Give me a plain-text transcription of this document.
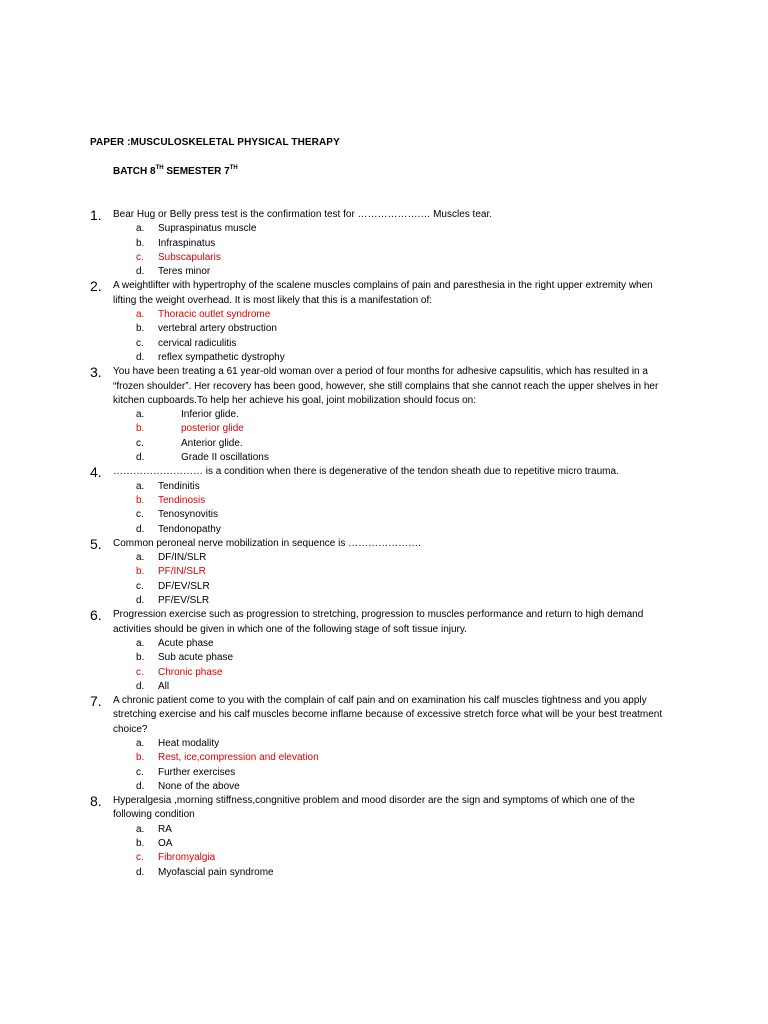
PAPER :MUSCULOSKELETAL PHYSICAL THERAPY
BATCH 8TH SEMESTER 7TH
1. Bear Hug or Belly press test is the confirmation test for ……………….… Muscles tear.
a. Supraspinatus muscle
b. Infraspinatus
c. Subscapularis
d. Teres minor
2. A weightlifter with hypertrophy of the scalene muscles complains of pain and paresthesia in the right upper extremity when lifting the weight overhead. It is most likely that this is a manifestation of:
a. Thoracic outlet syndrome
b. vertebral artery obstruction
c. cervical radiculitis
d. reflex sympathetic dystrophy
3. You have been treating a 61 year-old woman over a period of four months for adhesive capsulitis, which has resulted in a “frozen shoulder”. Her recovery has been good, however, she still complains that she cannot reach the upper shelves in her kitchen cupboards.To help her achieve his goal, joint mobilization should focus on:
a.	Inferior glide.
b.	posterior glide
c.	Anterior glide.
d.	Grade II oscillations
4. ……………………… is a condition when there is degenerative of the tendon sheath due to repetitive micro trauma.
a. Tendinitis
b. Tendinosis
c. Tenosynovitis
d. Tendonopathy
5. Common peroneal nerve mobilization in sequence is ………………….
a. DF/IN/SLR
b. PF/IN/SLR
c. DF/EV/SLR
d. PF/EV/SLR
6. Progression exercise such as progression to stretching, progression to muscles performance and return to high demand activities should be given in which one of the following stage of soft tissue injury.
a. Acute phase
b. Sub acute phase
c. Chronic phase
d. All
7. A chronic patient come to you with the complain of calf pain and on examination his calf muscles tightness and you apply stretching exercise and his calf muscles become inflame because of excessive stretch force what will be your best treatment choice?
a. Heat modality
b. Rest, ice,compression and elevation
c. Further exercises
d. None of the above
8. Hyperalgesia ,morning stiffness,congnitive problem and mood disorder are the sign and symptoms of which one of the following condition
a. RA
b. OA
c. Fibromyalgia
d. Myofascial pain syndrome
